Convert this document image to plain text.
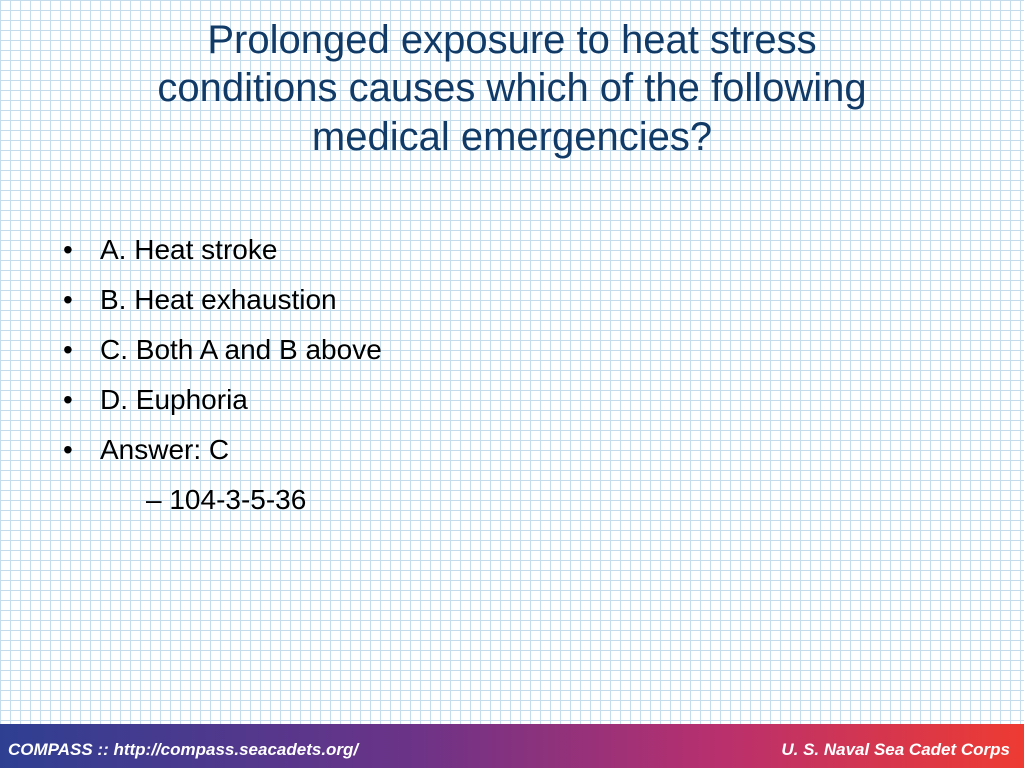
Prolonged exposure to heat stress
conditions causes which of the following
medical emergencies?
• A. Heat stroke
• B. Heat exhaustion
• C. Both A and B above
• D. Euphoria
• Answer: C
– 104-3-5-36
COMPASS :: http://compass.seacadets.org/	U. S. Naval Sea Cadet Corps
